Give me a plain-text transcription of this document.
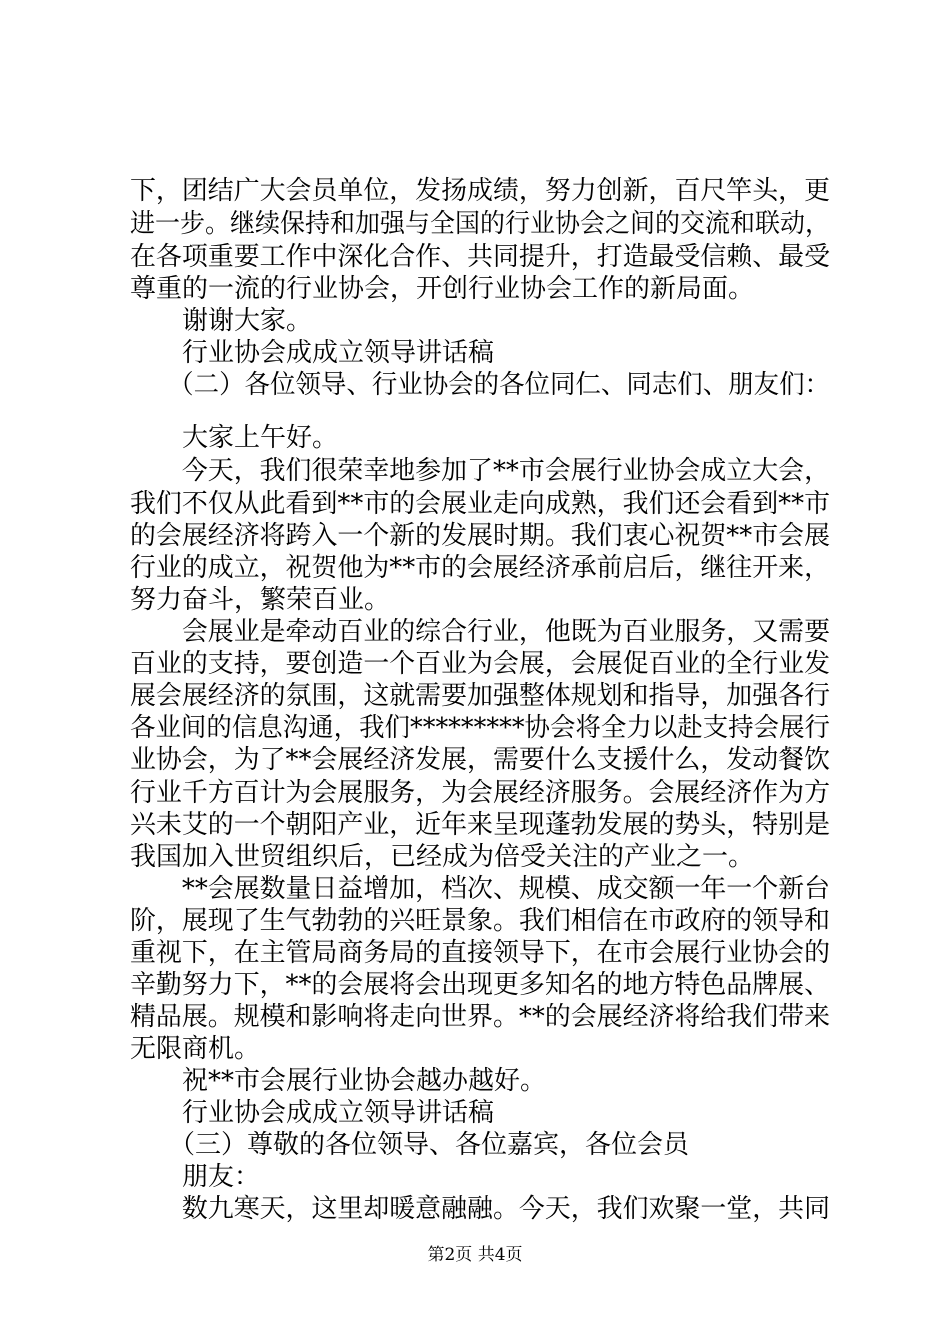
下，团结广大会员单位，发扬成绩，努力创新，百尺竿头，更
进一步。继续保持和加强与全国的行业协会之间的交流和联动，
在各项重要工作中深化合作、共同提升，打造最受信赖、最受
尊重的一流的行业协会，开创行业协会工作的新局面。
　　谢谢大家。
　　行业协会成成立领导讲话稿
　　（二）各位领导、行业协会的各位同仁、同志们、朋友们：
　　大家上午好。
　　今天，我们很荣幸地参加了**市会展行业协会成立大会，
我们不仅从此看到**市的会展业走向成熟，我们还会看到**市
的会展经济将跨入一个新的发展时期。我们衷心祝贺**市会展
行业的成立，祝贺他为**市的会展经济承前启后，继往开来，
努力奋斗，繁荣百业。
　　会展业是牵动百业的综合行业，他既为百业服务，又需要
百业的支持，要创造一个百业为会展，会展促百业的全行业发
展会展经济的氛围，这就需要加强整体规划和指导，加强各行
各业间的信息沟通，我们*********协会将全力以赴支持会展行
业协会，为了**会展经济发展，需要什么支援什么，发动餐饮
行业千方百计为会展服务，为会展经济服务。会展经济作为方
兴未艾的一个朝阳产业，近年来呈现蓬勃发展的势头，特别是
我国加入世贸组织后，已经成为倍受关注的产业之一。
　　**会展数量日益增加，档次、规模、成交额一年一个新台
阶，展现了生气勃勃的兴旺景象。我们相信在市政府的领导和
重视下，在主管局商务局的直接领导下，在市会展行业协会的
辛勤努力下，**的会展将会出现更多知名的地方特色品牌展、
精品展。规模和影响将走向世界。**的会展经济将给我们带来
无限商机。
　　祝**市会展行业协会越办越好。
　　行业协会成成立领导讲话稿
　　（三）尊敬的各位领导、各位嘉宾，各位会员
　　朋友：
　　数九寒天，这里却暖意融融。今天，我们欢聚一堂，共同
第2页 共4页
